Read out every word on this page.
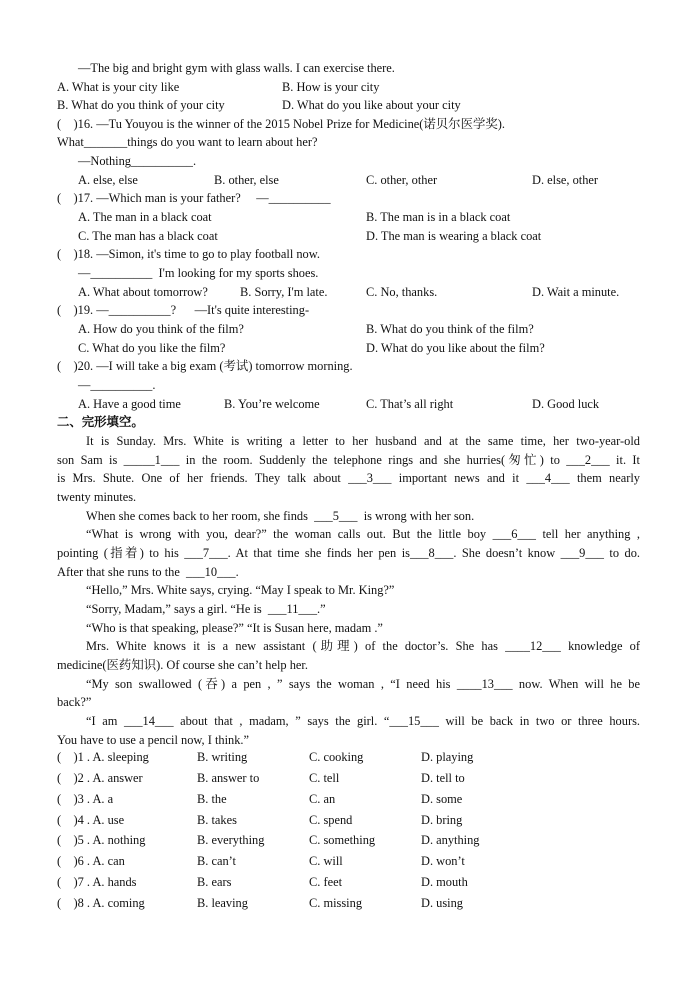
—The big and bright gym with glass walls. I can exercise there.
A. What is your city like	B. How is your city
B. What do you think of your city	D. What do you like about your city
(    )16. —Tu Youyou is the winner of the 2015 Nobel Prize for Medicine(诺贝尔医学奖).
What_______things do you want to learn about her?
—Nothing__________.
A. else, else	B. other, else	C. other, other	D. else, other
(    )17. —Which man is your father?     —__________
A. The man in a black coat	B. The man is in a black coat
C. The man has a black coat	D. The man is wearing a black coat
(    )18. —Simon, it's time to go to play football now.
—__________  I'm looking for my sports shoes.
A. What about tomorrow?	B. Sorry, I'm late.	C. No, thanks.	D. Wait a minute.
(    )19. —__________?      —It's quite interesting-
A. How do you think of the film?	B. What do you think of the film?
C. What do you like the film?	D. What do you like about the film?
(    )20. —I will take a big exam (考试) tomorrow morning.
—__________.
A. Have a good time	B. You’re welcome	C. That’s all right	D. Good luck
二、完形填空。
It is Sunday. Mrs. White is writing a letter to her husband and at the same time, her two-year-old
son Sam is _____1___ in the room. Suddenly the telephone rings and she hurries(匆忙) to ___2___ it. It
is Mrs. Shute. One of her friends. They talk about ___3___ important news and it ___4___ them nearly
twenty minutes.
When she comes back to her room, she finds  ___5___  is wrong with her son.
“What is wrong with you, dear?” the woman calls out. But the little boy ___6___ tell her anything ,
pointing (指着) to his ___7___. At that time she finds her pen is___8___. She doesn’t know ___9___ to do.
After that she runs to the  ___10___.
“Hello,” Mrs. White says, crying. “May I speak to Mr. King?”
“Sorry, Madam,” says a girl. “He is  ___11___.”
“Who is that speaking, please?” “It is Susan here, madam .”
Mrs. White knows it is a new assistant (助理) of the doctor’s. She has ____12___ knowledge of
medicine(医药知识). Of course she can’t help her.
“My son swallowed (吞) a pen , ” says the woman , “I need his ____13___ now. When will he be
back?”
“I am ___14___ about that , madam, ” says the girl. “___15___ will be back in two or three hours.
You have to use a pencil now, I think.”
(    )1 . A. sleeping	B. writing	C. cooking	D. playing
(    )2 . A. answer	B. answer to	C. tell	D. tell to
(    )3 . A. a	B. the	C. an	D. some
(    )4 . A. use	B. takes	C. spend	D. bring
(    )5 . A. nothing	B. everything	C. something	D. anything
(    )6 . A. can	B. can’t	C. will	D. won’t
(    )7 . A. hands	B. ears	C. feet	D. mouth
(    )8 . A. coming	B. leaving	C. missing	D. using
